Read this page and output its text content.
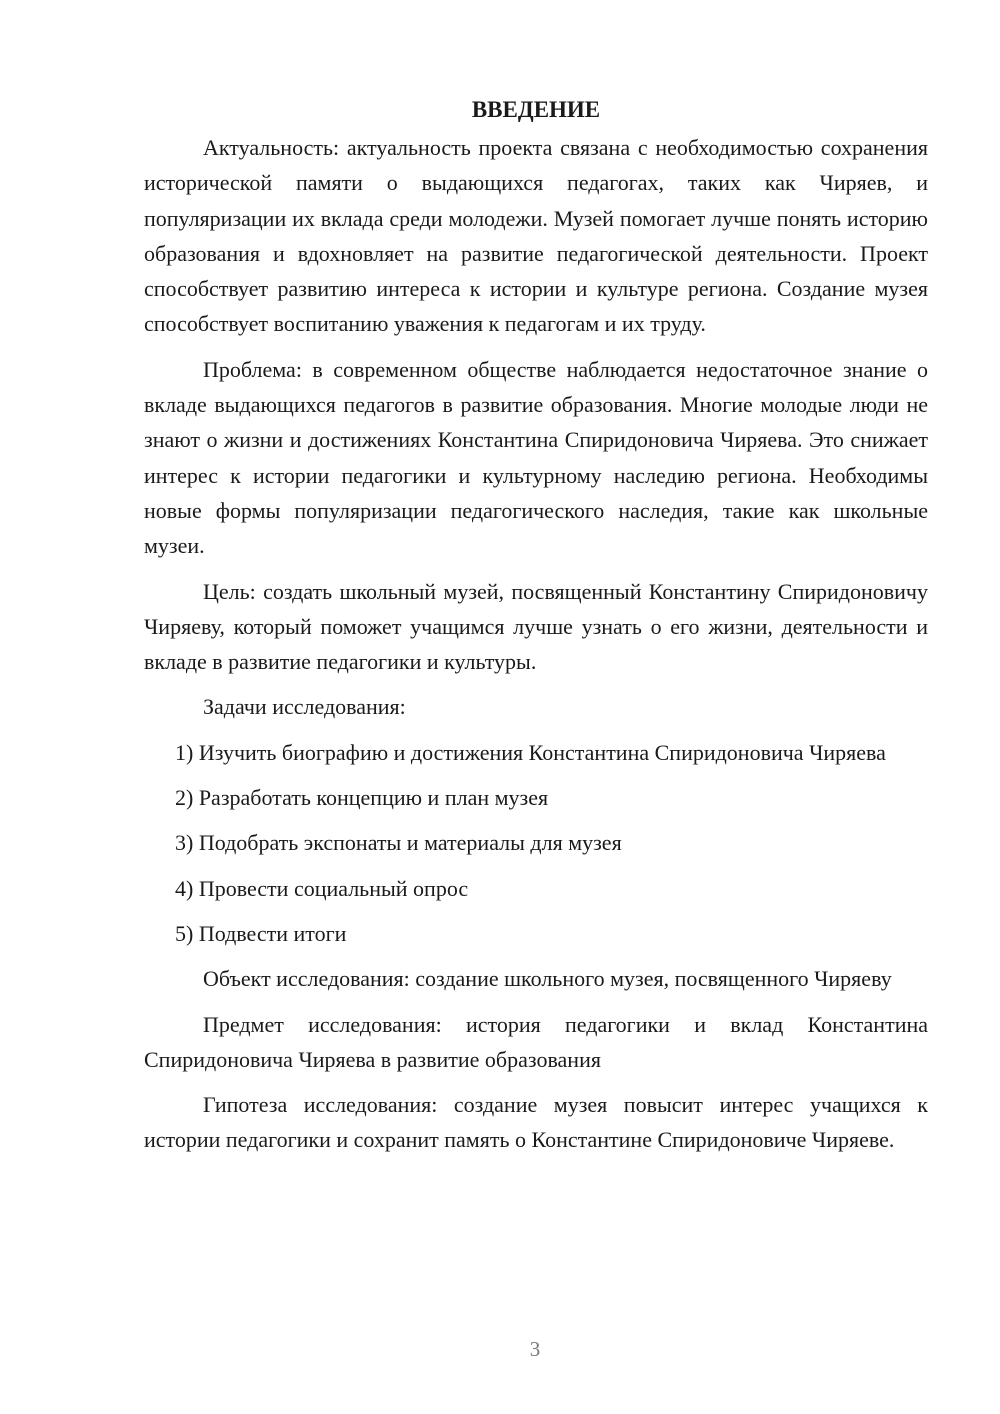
ВВЕДЕНИЕ

Актуальность: актуальность проекта связана с необходимостью сохранения исторической памяти о выдающихся педагогах, таких как Чиряев, и популяризации их вклада среди молодежи. Музей помогает лучше понять историю образования и вдохновляет на развитие педагогической деятельности. Проект способствует развитию интереса к истории и культуре региона. Создание музея способствует воспитанию уважения к педагогам и их труду.

Проблема: в современном обществе наблюдается недостаточное знание о вкладе выдающихся педагогов в развитие образования. Многие молодые люди не знают о жизни и достижениях Константина Спиридоновича Чиряева. Это снижает интерес к истории педагогики и культурному наследию региона. Необходимы новые формы популяризации педагогического наследия, такие как школьные музеи.

Цель: создать школьный музей, посвященный Константину Спиридоновичу Чиряеву, который поможет учащимся лучше узнать о его жизни, деятельности и вкладе в развитие педагогики и культуры.

Задачи исследования:

1) Изучить биографию и достижения Константина Спиридоновича Чиряева

2) Разработать концепцию и план музея

3) Подобрать экспонаты и материалы для музея

4) Провести социальный опрос

5) Подвести итоги

Объект исследования: создание школьного музея, посвященного Чиряеву

Предмет исследования: история педагогики и вклад Константина Спиридоновича Чиряева в развитие образования

Гипотеза исследования: создание музея повысит интерес учащихся к истории педагогики и сохранит память о Константине Спиридоновиче Чиряеве.

3
